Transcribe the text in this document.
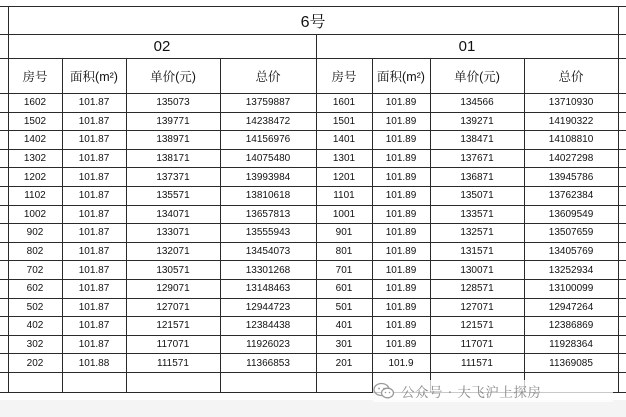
	6号								
	02				01				
	房号	面积(m²)	单价(元)	总价	房号	面积(m²)	单价(元)	总价	
	1602	101.87	135073	13759887	1601	101.89	134566	13710930	
	1502	101.87	139771	14238472	1501	101.89	139271	14190322	
	1402	101.87	138971	14156976	1401	101.89	138471	14108810	
	1302	101.87	138171	14075480	1301	101.89	137671	14027298	
	1202	101.87	137371	13993984	1201	101.89	136871	13945786	
	1102	101.87	135571	13810618	1101	101.89	135071	13762384	
	1002	101.87	134071	13657813	1001	101.89	133571	13609549	
	902	101.87	133071	13555943	901	101.89	132571	13507659	
	802	101.87	132071	13454073	801	101.89	131571	13405769	
	702	101.87	130571	13301268	701	101.89	130071	13252934	
	602	101.87	129071	13148463	601	101.89	128571	13100099	
	502	101.87	127071	12944723	501	101.89	127071	12947264	
	402	101.87	121571	12384438	401	101.89	121571	12386869	
	302	101.87	117071	11926023	301	101.89	117071	11928364	
	202	101.88	111571	11366853	201	101.9	111571	11369085	

公众号 · 大飞沪上探房
